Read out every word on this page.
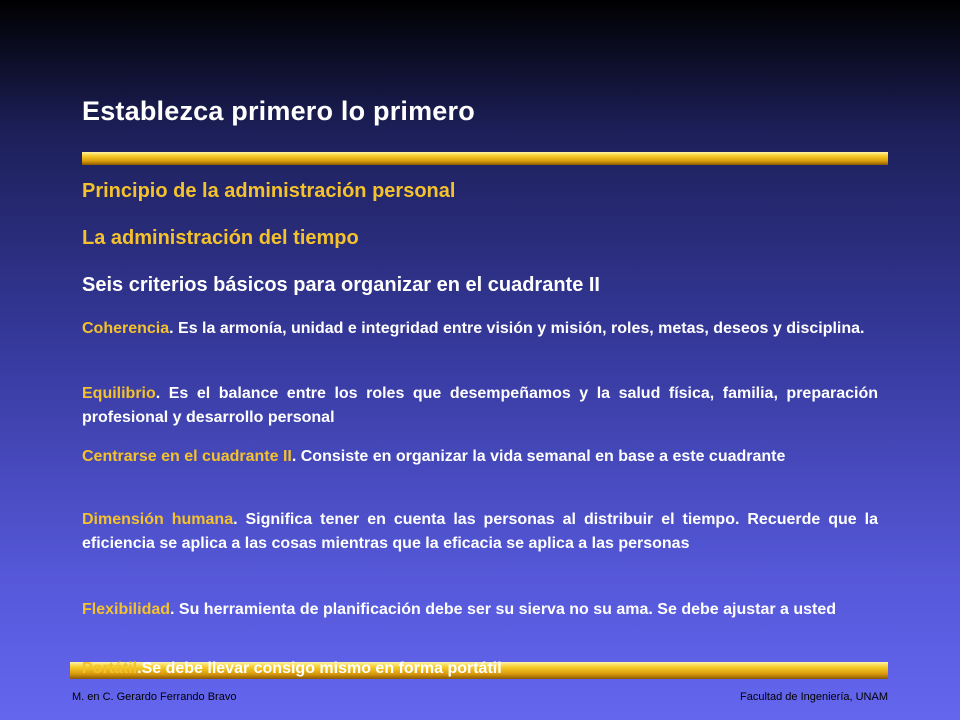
Establezca primero lo primero

Principio de la administración personal

La administración del tiempo

Seis criterios básicos para organizar en el cuadrante II

Coherencia. Es la armonía, unidad e integridad entre visión y misión, roles, metas, deseos y disciplina.

Equilibrio. Es el balance entre los roles que desempeñamos y la salud física, familia, preparación profesional y desarrollo personal

Centrarse en el cuadrante II. Consiste en organizar la vida semanal en base a este cuadrante

Dimensión humana. Significa tener en cuenta las personas al distribuir el tiempo. Recuerde que la eficiencia se aplica a las cosas mientras que la eficacia se aplica a las personas

Flexibilidad. Su herramienta de planificación debe ser su sierva no su ama. Se debe ajustar a usted

Portátil.Se debe llevar consigo mismo en forma portátil

M. en C. Gerardo Ferrando Bravo	Facultad de Ingeniería, UNAM
